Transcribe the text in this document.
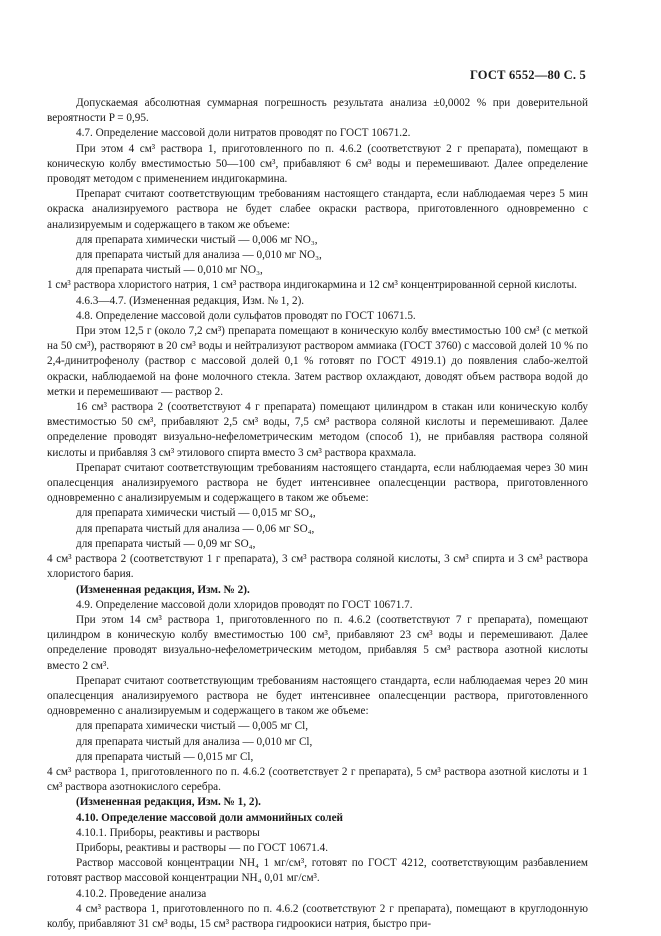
ГОСТ 6552—80 С. 5

Допускаемая абсолютная суммарная погрешность результата анализа ±0,0002 % при доверительной вероятности P = 0,95.

4.7. Определение массовой доли нитратов проводят по ГОСТ 10671.2.

При этом 4 см³ раствора 1, приготовленного по п. 4.6.2 (соответствуют 2 г препарата), помещают в коническую колбу вместимостью 50—100 см³, прибавляют 6 см³ воды и перемешивают. Далее определение проводят методом с применением индигокармина.

Препарат считают соответствующим требованиям настоящего стандарта, если наблюдаемая через 5 мин окраска анализируемого раствора не будет слабее окраски раствора, приготовленного одновременно с анализируемым и содержащего в таком же объеме:

для препарата химически чистый — 0,006 мг NO₃,

для препарата чистый для анализа — 0,010 мг NO₃,

для препарата чистый — 0,010 мг NO₃,

1 см³ раствора хлористого натрия, 1 см³ раствора индигокармина и 12 см³ концентрированной серной кислоты.

4.6.3—4.7. (Измененная редакция, Изм. № 1, 2).

4.8. Определение массовой доли сульфатов проводят по ГОСТ 10671.5.

При этом 12,5 г (около 7,2 см³) препарата помещают в коническую колбу вместимостью 100 см³ (с меткой на 50 см³), растворяют в 20 см³ воды и нейтрализуют раствором аммиака (ГОСТ 3760) с массовой долей 10 % по 2,4-динитрофенолу (раствор с массовой долей 0,1 % готовят по ГОСТ 4919.1) до появления слабо-желтой окраски, наблюдаемой на фоне молочного стекла. Затем раствор охлаждают, доводят объем раствора водой до метки и перемешивают — раствор 2.

16 см³ раствора 2 (соответствуют 4 г препарата) помещают цилиндром в стакан или коническую колбу вместимостью 50 см³, прибавляют 2,5 см³ воды, 7,5 см³ раствора соляной кислоты и перемешивают. Далее определение проводят визуально-нефелометрическим методом (способ 1), не прибавляя раствора соляной кислоты и прибавляя 3 см³ этилового спирта вместо 3 см³ раствора крахмала.

Препарат считают соответствующим требованиям настоящего стандарта, если наблюдаемая через 30 мин опалесценция анализируемого раствора не будет интенсивнее опалесценции раствора, приготовленного одновременно с анализируемым и содержащего в таком же объеме:

для препарата химически чистый — 0,015 мг SO₄,

для препарата чистый для анализа — 0,06 мг SO₄,

для препарата чистый — 0,09 мг SO₄,

4 см³ раствора 2 (соответствуют 1 г препарата), 3 см³ раствора соляной кислоты, 3 см³ спирта и 3 см³ раствора хлористого бария.

(Измененная редакция, Изм. № 2).

4.9. Определение массовой доли хлоридов проводят по ГОСТ 10671.7.

При этом 14 см³ раствора 1, приготовленного по п. 4.6.2 (соответствуют 7 г препарата), помещают цилиндром в коническую колбу вместимостью 100 см³, прибавляют 23 см³ воды и перемешивают. Далее определение проводят визуально-нефелометрическим методом, прибавляя 5 см³ раствора азотной кислоты вместо 2 см³.

Препарат считают соответствующим требованиям настоящего стандарта, если наблюдаемая через 20 мин опалесценция анализируемого раствора не будет интенсивнее опалесценции раствора, приготовленного одновременно с анализируемым и содержащего в таком же объеме:

для препарата химически чистый — 0,005 мг Cl,

для препарата чистый для анализа — 0,010 мг Cl,

для препарата чистый — 0,015 мг Cl,

4 см³ раствора 1, приготовленного по п. 4.6.2 (соответствует 2 г препарата), 5 см³ раствора азотной кислоты и 1 см³ раствора азотнокислого серебра.

(Измененная редакция, Изм. № 1, 2).

4.10. Определение массовой доли аммонийных солей

4.10.1. Приборы, реактивы и растворы

Приборы, реактивы и растворы — по ГОСТ 10671.4.

Раствор массовой концентрации NH₄ 1 мг/см³, готовят по ГОСТ 4212, соответствующим разбавлением готовят раствор массовой концентрации NH₄ 0,01 мг/см³.

4.10.2. Проведение анализа

4 см³ раствора 1, приготовленного по п. 4.6.2 (соответствуют 2 г препарата), помещают в круглодонную колбу, прибавляют 31 см³ воды, 15 см³ раствора гидроокиси натрия, быстро при-
